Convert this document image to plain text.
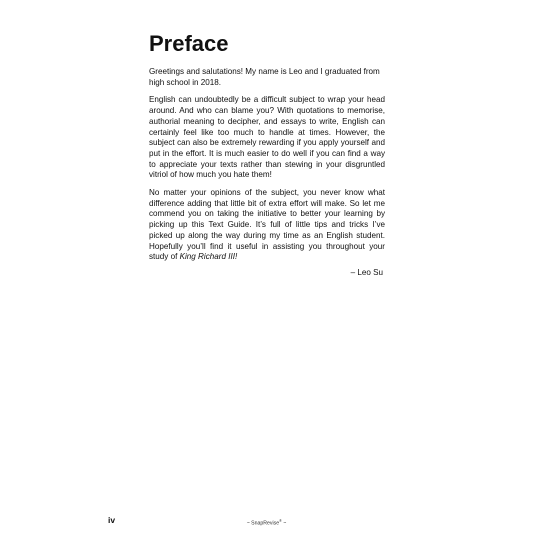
Preface

Greetings and salutations! My name is Leo and I graduated from high school in 2018.

English can undoubtedly be a difficult subject to wrap your head around. And who can blame you? With quotations to memorise, authorial meaning to decipher, and essays to write, English can certainly feel like too much to handle at times. However, the subject can also be extremely rewarding if you apply yourself and put in the effort. It is much easier to do well if you can find a way to appreciate your texts rather than stewing in your disgruntled vitriol of how much you hate them!

No matter your opinions of the subject, you never know what difference adding that little bit of extra effort will make. So let me commend you on taking the initiative to better your learning by picking up this Text Guide. It’s full of little tips and tricks I’ve picked up along the way during my time as an English student. Hopefully you’ll find it useful in assisting you throughout your study of King Richard III!

– Leo Su
iv	~ SnapRevise® ~
